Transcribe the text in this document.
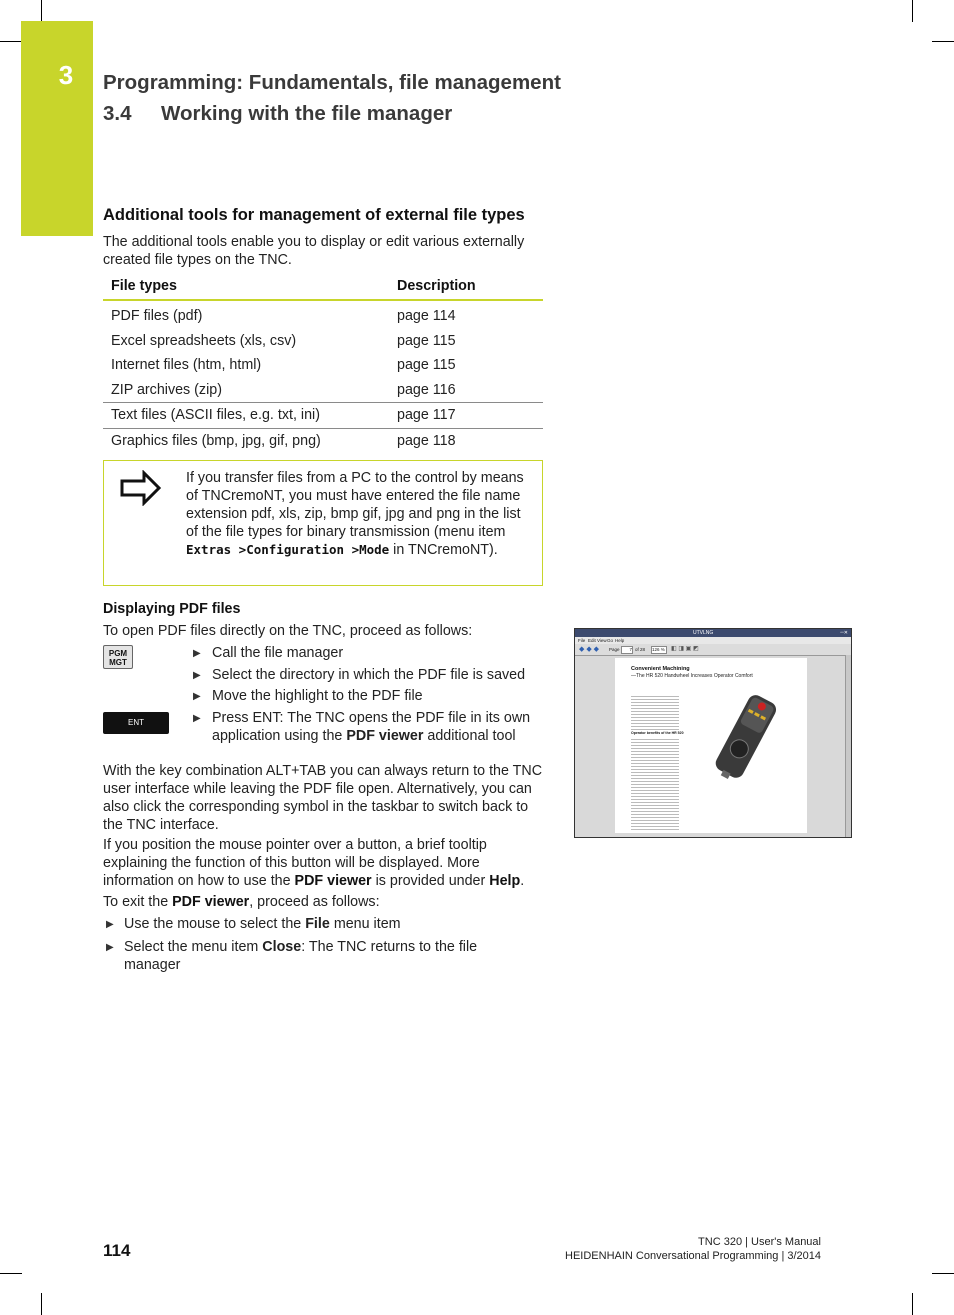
3	Programming: Fundamentals, file management
3.4 Working with the file manager
Additional tools for management of external file types
The additional tools enable you to display or edit various externally created file types on the TNC.
File types	Description
PDF files (pdf)	page 114
Excel spreadsheets (xls, csv)	page 115
Internet files (htm, html)	page 115
ZIP archives (zip)	page 116
Text files (ASCII files, e.g. txt, ini)	page 117
Graphics files (bmp, jpg, gif, png)	page 118
If you transfer files from a PC to the control by means of TNCremoNT, you must have entered the file name extension pdf, xls, zip, bmp gif, jpg and png in the list of the file types for binary transmission (menu item Extras >Configuration >Mode in TNCremoNT).
Displaying PDF files
To open PDF files directly on the TNC, proceed as follows:
PGM MGT
ENT
▶ Call the file manager
▶ Select the directory in which the PDF file is saved
▶ Move the highlight to the PDF file
▶ Press ENT: The TNC opens the PDF file in its own application using the PDF viewer additional tool
With the key combination ALT+TAB you can always return to the TNC user interface while leaving the PDF file open. Alternatively, you can also click the corresponding symbol in the taskbar to switch back to the TNC interface.
If you position the mouse pointer over a button, a brief tooltip explaining the function of this button will be displayed. More information on how to use the PDF viewer is provided under Help.
To exit the PDF viewer, proceed as follows:
▶ Use the mouse to select the File menu item
▶ Select the menu item Close: The TNC returns to the file manager
UTVLNG	▫▫✕
File Edit View Go Help
◆ ◆ ◆ Page	7 of 28 126 %	◧ ◨ ▣ ◩
Convenient Machining
—The HR 520 Handwheel Increases Operator Comfort
Operator benefits of the HR 520
114	TNC 320 | User's Manual
HEIDENHAIN Conversational Programming | 3/2014
